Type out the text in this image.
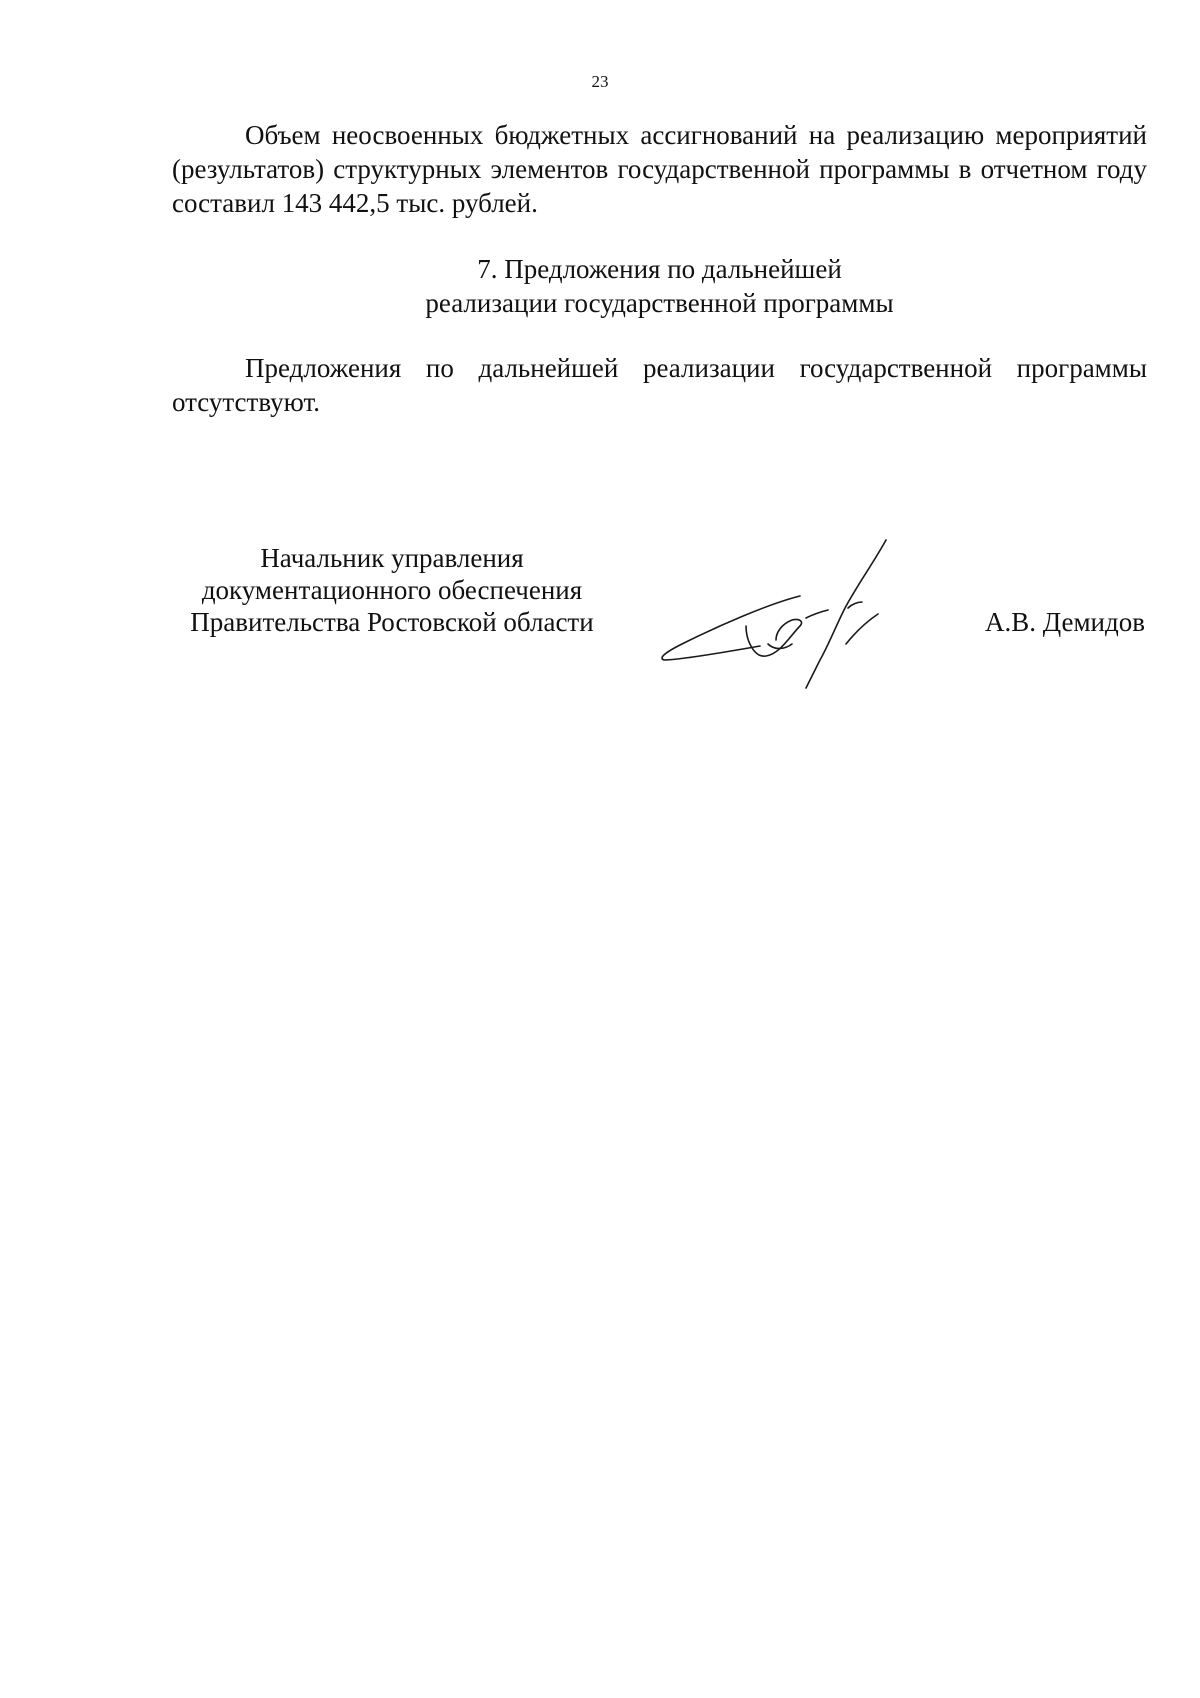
23

Объем неосвоенных бюджетных ассигнований на реализацию мероприятий (результатов) структурных элементов государственной программы в отчетном году составил 143 442,5 тыс. рублей.

7. Предложения по дальнейшей
реализации государственной программы

Предложения по дальнейшей реализации государственной программы отсутствуют.

Начальник управления
документационного обеспечения
Правительства Ростовской области	А.В. Демидов
